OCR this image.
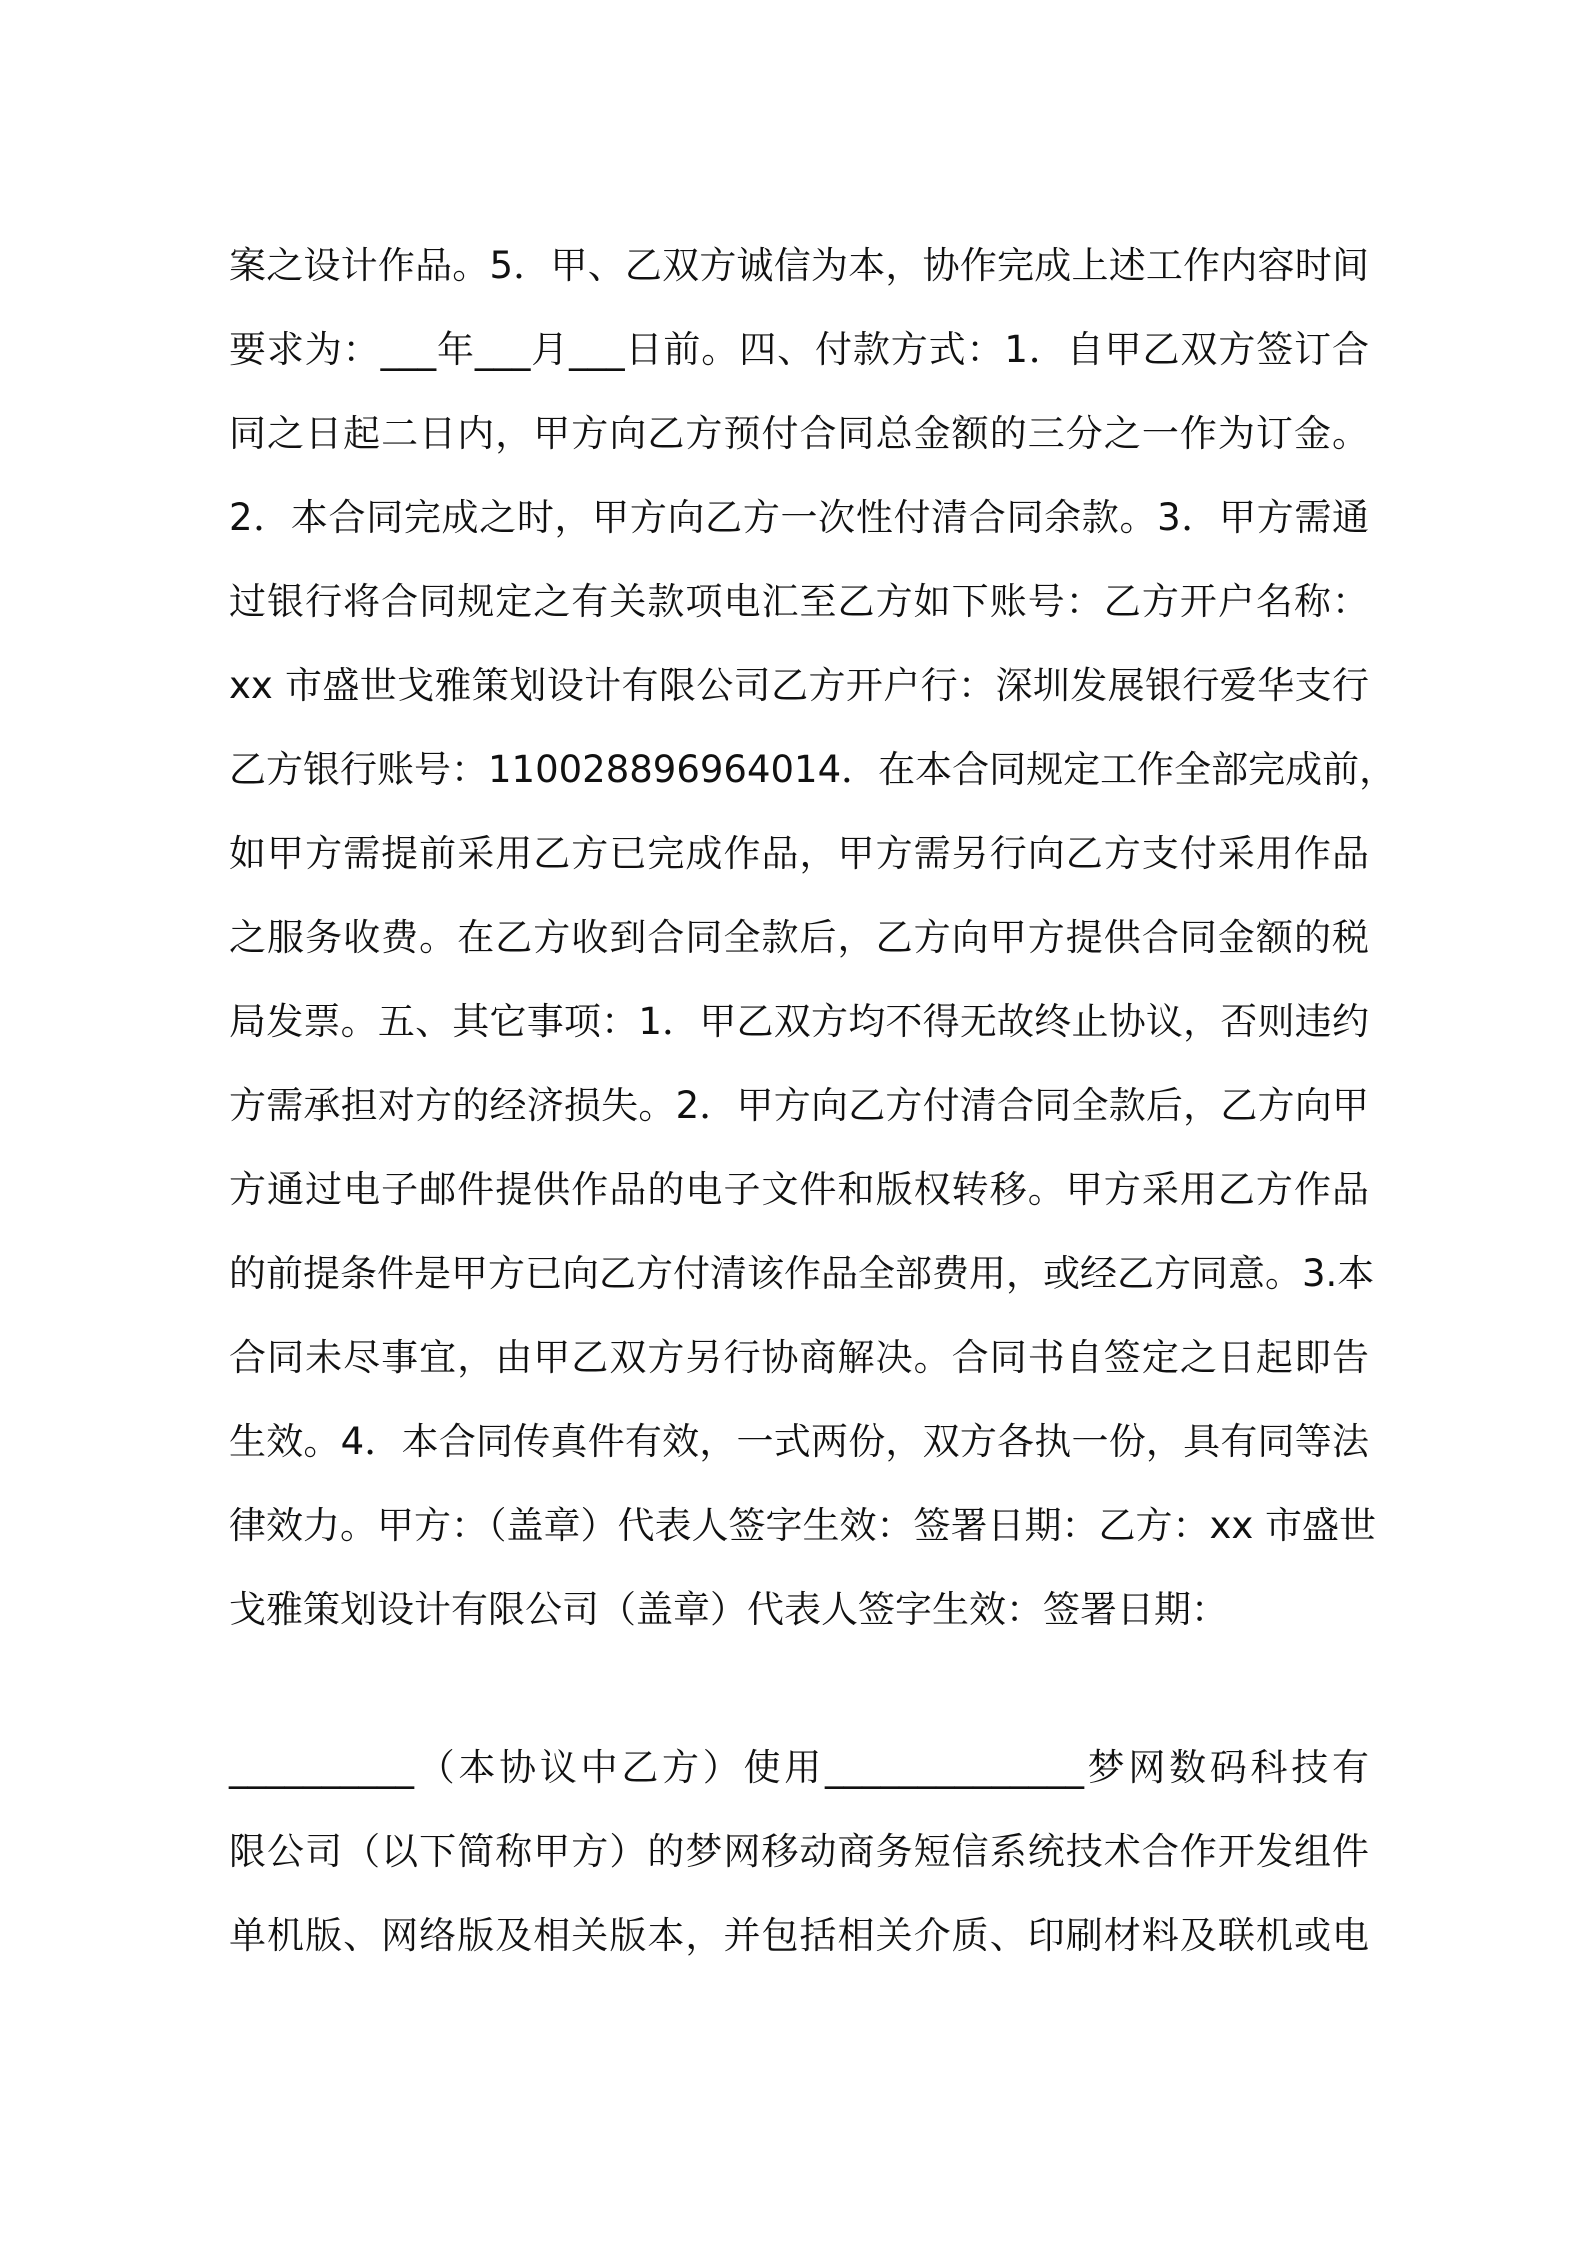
案之设计作品。5．甲、乙双方诚信为本，协作完成上述工作内容时间
要求为：___年___月___日前。四、付款方式：1．自甲乙双方签订合
同之日起二日内，甲方向乙方预付合同总金额的三分之一作为订金。
2．本合同完成之时，甲方向乙方一次性付清合同余款。3．甲方需通
过银行将合同规定之有关款项电汇至乙方如下账号：乙方开户名称：
xx 市盛世戈雅策划设计有限公司乙方开户行：深圳发展银行爱华支行
乙方银行账号：110028896964014．在本合同规定工作全部完成前，
如甲方需提前采用乙方已完成作品，甲方需另行向乙方支付采用作品
之服务收费。在乙方收到合同全款后，乙方向甲方提供合同金额的税
局发票。五、其它事项：1．甲乙双方均不得无故终止协议，否则违约
方需承担对方的经济损失。2．甲方向乙方付清合同全款后，乙方向甲
方通过电子邮件提供作品的电子文件和版权转移。甲方采用乙方作品
的前提条件是甲方已向乙方付清该作品全部费用，或经乙方同意。3.本
合同未尽事宜，由甲乙双方另行协商解决。合同书自签定之日起即告
生效。4．本合同传真件有效，一式两份，双方各执一份，具有同等法
律效力。甲方：（盖章）代表人签字生效：签署日期：乙方：xx 市盛世
戈雅策划设计有限公司（盖章）代表人签字生效：签署日期：
__________（本协议中乙方）使用______________梦网数码科技有
限公司（以下简称甲方）的梦网移动商务短信系统技术合作开发组件
单机版、网络版及相关版本，并包括相关介质、印刷材料及联机或电
